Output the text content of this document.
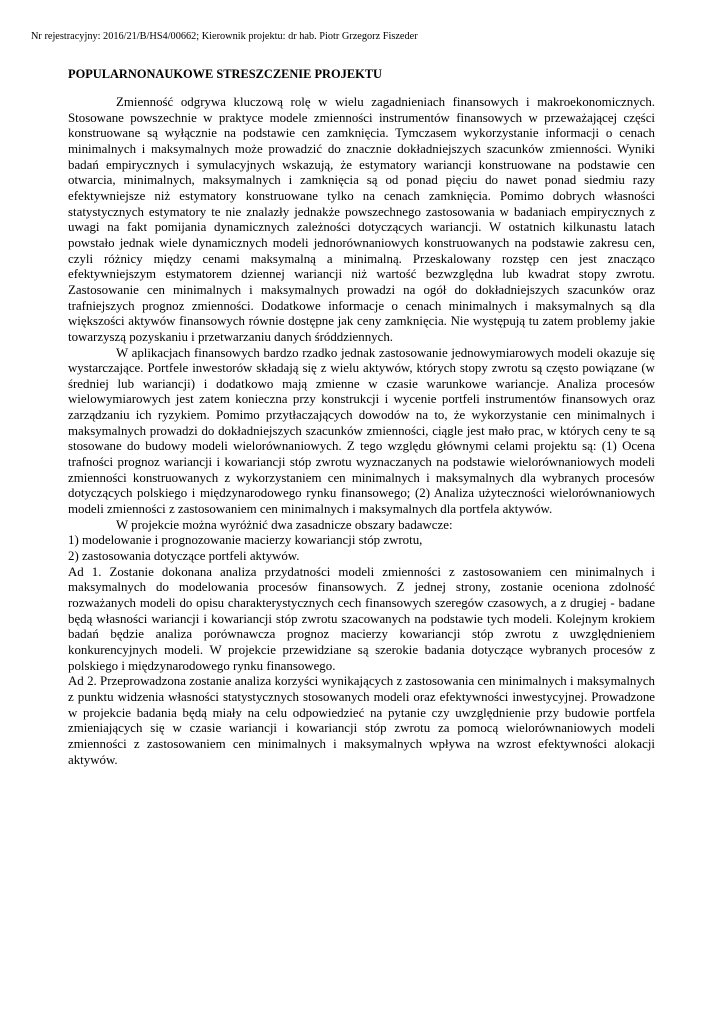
Nr rejestracyjny: 2016/21/B/HS4/00662; Kierownik projektu: dr hab. Piotr Grzegorz Fiszeder
POPULARNONAUKOWE STRESZCZENIE PROJEKTU

Zmienność odgrywa kluczową rolę w wielu zagadnieniach finansowych i makroekonomicznych. Stosowane powszechnie w praktyce modele zmienności instrumentów finansowych w przeważającej części konstruowane są wyłącznie na podstawie cen zamknięcia. Tymczasem wykorzystanie informacji o cenach minimalnych i maksymalnych może prowadzić do znacznie dokładniejszych szacunków zmienności. Wyniki badań empirycznych i symulacyjnych wskazują, że estymatory wariancji konstruowane na podstawie cen otwarcia, minimalnych, maksymalnych i zamknięcia są od ponad pięciu do nawet ponad siedmiu razy efektywniejsze niż estymatory konstruowane tylko na cenach zamknięcia. Pomimo dobrych własności statystycznych estymatory te nie znalazły jednakże powszechnego zastosowania w badaniach empirycznych z uwagi na fakt pomijania dynamicznych zależności dotyczących wariancji. W ostatnich kilkunastu latach powstało jednak wiele dynamicznych modeli jednorównaniowych konstruowanych na podstawie zakresu cen, czyli różnicy między cenami maksymalną a minimalną. Przeskalowany rozstęp cen jest znacząco efektywniejszym estymatorem dziennej wariancji niż wartość bezwzględna lub kwadrat stopy zwrotu. Zastosowanie cen minimalnych i maksymalnych prowadzi na ogół do dokładniejszych szacunków oraz trafniejszych prognoz zmienności. Dodatkowe informacje o cenach minimalnych i maksymalnych są dla większości aktywów finansowych równie dostępne jak ceny zamknięcia. Nie występują tu zatem problemy jakie towarzyszą pozyskaniu i przetwarzaniu danych śróddziennych.

W aplikacjach finansowych bardzo rzadko jednak zastosowanie jednowymiarowych modeli okazuje się wystarczające. Portfele inwestorów składają się z wielu aktywów, których stopy zwrotu są często powiązane (w średniej lub wariancji) i dodatkowo mają zmienne w czasie warunkowe wariancje. Analiza procesów wielowymiarowych jest zatem konieczna przy konstrukcji i wycenie portfeli instrumentów finansowych oraz zarządzaniu ich ryzykiem. Pomimo przytłaczających dowodów na to, że wykorzystanie cen minimalnych i maksymalnych prowadzi do dokładniejszych szacunków zmienności, ciągle jest mało prac, w których ceny te są stosowane do budowy modeli wielorównaniowych. Z tego względu głównymi celami projektu są: (1) Ocena trafności prognoz wariancji i kowariancji stóp zwrotu wyznaczanych na podstawie wielorównaniowych modeli zmienności konstruowanych z wykorzystaniem cen minimalnych i maksymalnych dla wybranych procesów dotyczących polskiego i międzynarodowego rynku finansowego; (2) Analiza użyteczności wielorównaniowych modeli zmienności z zastosowaniem cen minimalnych i maksymalnych dla portfela aktywów.

W projekcie można wyróżnić dwa zasadnicze obszary badawcze:

1) modelowanie i prognozowanie macierzy kowariancji stóp zwrotu,

2) zastosowania dotyczące portfeli aktywów.

Ad 1. Zostanie dokonana analiza przydatności modeli zmienności z zastosowaniem cen minimalnych i maksymalnych do modelowania procesów finansowych. Z jednej strony, zostanie oceniona zdolność rozważanych modeli do opisu charakterystycznych cech finansowych szeregów czasowych, a z drugiej - badane będą własności wariancji i kowariancji stóp zwrotu szacowanych na podstawie tych modeli. Kolejnym krokiem badań będzie analiza porównawcza prognoz macierzy kowariancji stóp zwrotu z uwzględnieniem konkurencyjnych modeli. W projekcie przewidziane są szerokie badania dotyczące wybranych procesów z polskiego i międzynarodowego rynku finansowego.

Ad 2. Przeprowadzona zostanie analiza korzyści wynikających z zastosowania cen minimalnych i maksymalnych z punktu widzenia własności statystycznych stosowanych modeli oraz efektywności inwestycyjnej. Prowadzone w projekcie badania będą miały na celu odpowiedzieć na pytanie czy uwzględnienie przy budowie portfela zmieniających się w czasie wariancji i kowariancji stóp zwrotu za pomocą wielorównaniowych modeli zmienności z zastosowaniem cen minimalnych i maksymalnych wpływa na wzrost efektywności alokacji aktywów.
